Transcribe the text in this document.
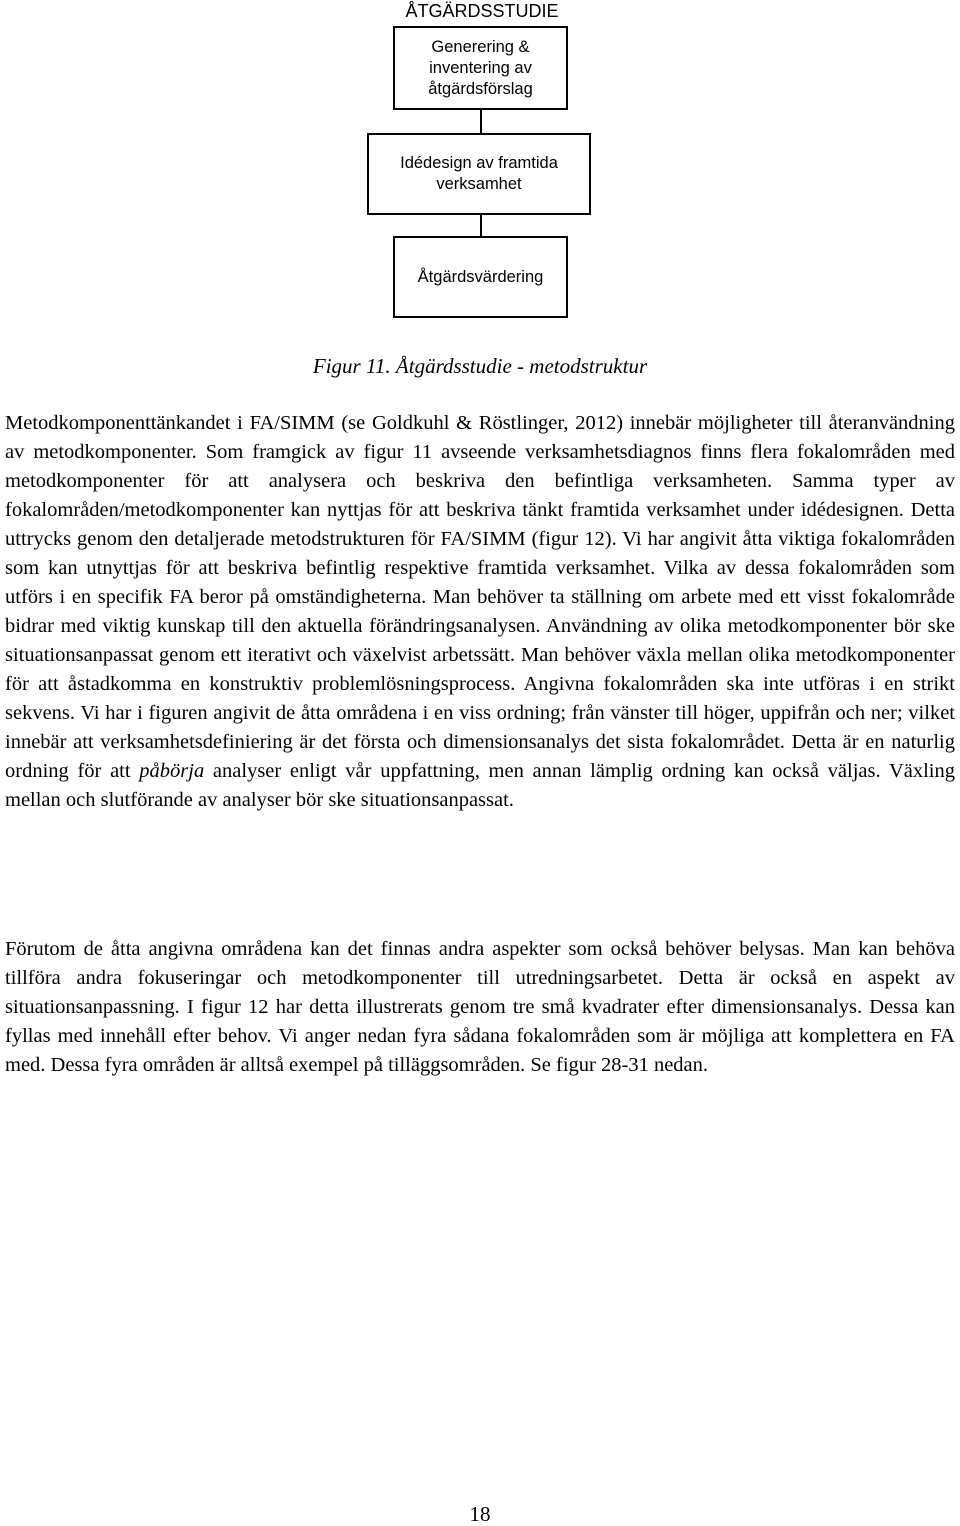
ÅTGÄRDSSTUDIE
Generering &
inventering av
åtgärdsförslag
Idédesign av framtida
verksamhet
Åtgärdsvärdering
Figur 11. Åtgärdsstudie - metodstruktur

Metodkomponenttänkandet i FA/SIMM (se Goldkuhl & Röstlinger, 2012) innebär möjligheter till återanvändning av metodkomponenter. Som framgick av figur 11 avseende verksamhetsdiagnos finns flera fokalområden med metodkomponenter för att analysera och beskriva den befintliga verksamheten. Samma typer av fokalområden/metodkomponenter kan nyttjas för att beskriva tänkt framtida verksamhet under idédesignen. Detta uttrycks genom den detaljerade metodstrukturen för FA/SIMM (figur 12). Vi har angivit åtta viktiga fokalområden som kan utnyttjas för att beskriva befintlig respektive framtida verksamhet. Vilka av dessa fokalområden som utförs i en specifik FA beror på omständigheterna. Man behöver ta ställning om arbete med ett visst fokalområde bidrar med viktig kunskap till den aktuella förändringsanalysen. Användning av olika metodkomponenter bör ske situationsanpassat genom ett iterativt och växelvist arbetssätt. Man behöver växla mellan olika metodkomponenter för att åstadkomma en konstruktiv problemlösningsprocess. Angivna fokalområden ska inte utföras i en strikt sekvens. Vi har i figuren angivit de åtta områdena i en viss ordning; från vänster till höger, uppifrån och ner; vilket innebär att verksamhetsdefiniering är det första och dimensionsanalys det sista fokalområdet. Detta är en naturlig ordning för att påbörja analyser enligt vår uppfattning, men annan lämplig ordning kan också väljas. Växling mellan och slutförande av analyser bör ske situationsanpassat.

Förutom de åtta angivna områdena kan det finnas andra aspekter som också behöver belysas. Man kan behöva tillföra andra fokuseringar och metodkomponenter till utredningsarbetet. Detta är också en aspekt av situationsanpassning. I figur 12 har detta illustrerats genom tre små kvadrater efter dimensionsanalys. Dessa kan fyllas med innehåll efter behov. Vi anger nedan fyra sådana fokalområden som är möjliga att komplettera en FA med. Dessa fyra områden är alltså exempel på tilläggsområden. Se figur 28-31 nedan.

18
